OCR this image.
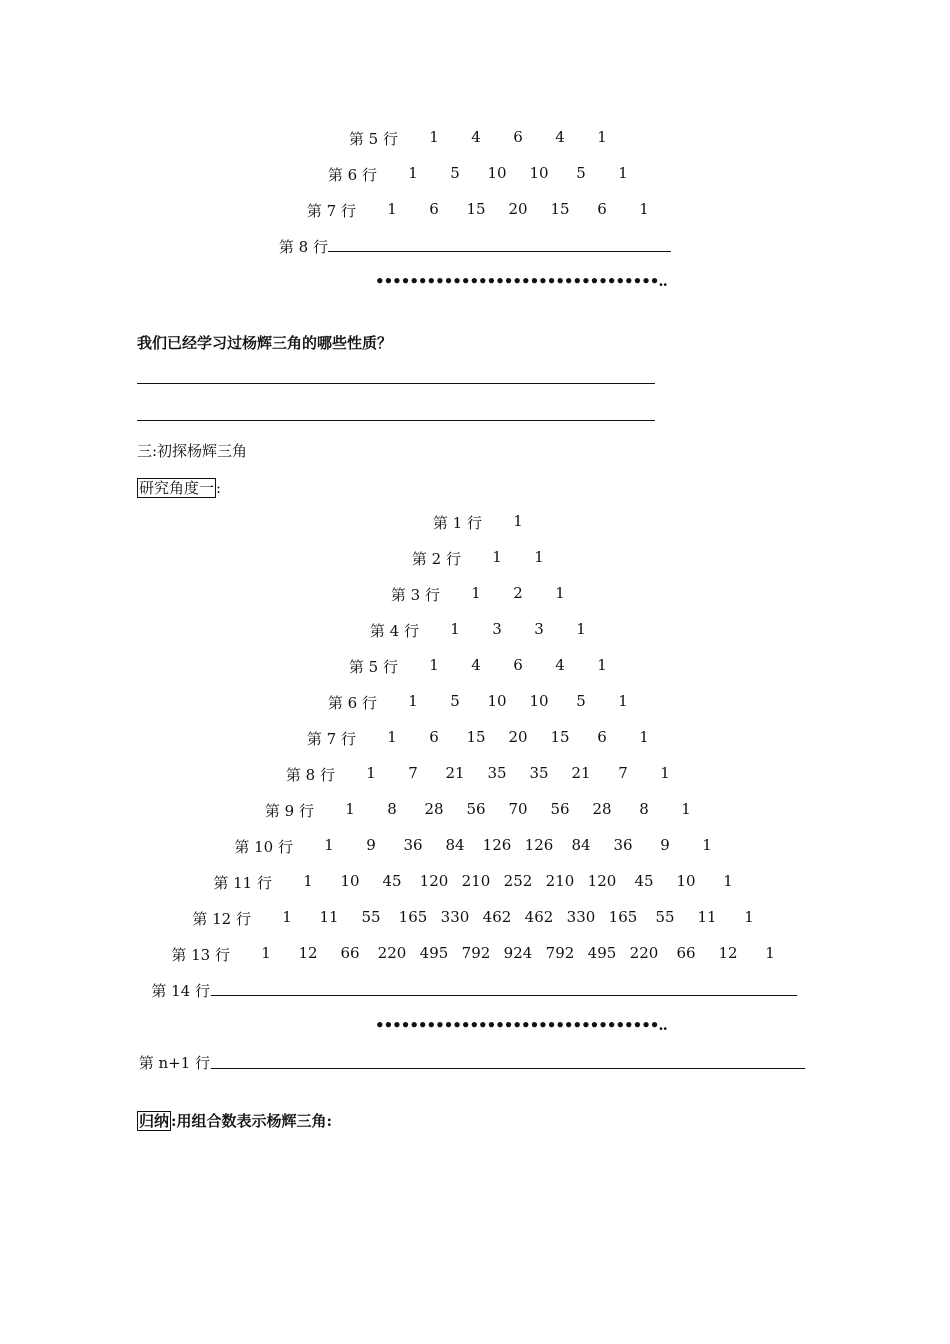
第 5 行	1	4	6	4	1
第 6 行	1	5	10	10	5	1
第 7 行	1	6	15	20	15	6	1
第 8 行
•••••••••••••••••••••••••••••••••..
我们已经学习过杨辉三角的哪些性质？
三:初探杨辉三角
研究角度一 :
第 1 行	1
第 2 行	1	1
第 3 行	1	2	1
第 4 行	1	3	3	1
第 5 行	1	4	6	4	1
第 6 行	1	5	10	10	5	1
第 7 行	1	6	15	20	15	6	1
第 8 行	1	7	21	35	35	21	7	1
第 9 行	1	8	28	56	70	56	28	8	1
第 10 行	1	9	36	84	126 126	84	36	9	1
第 11 行	1	10	45	120 210 252 210 120	45	10	1
第 12 行	1	11	55	165 330 462 462 330 165	55	11	1
第 13 行	1	12	66	220 495 792 924 792 495 220	66	12	1
第 14 行
•••••••••••••••••••••••••••••••••..
第 n+1 行
归纳 :用组合数表示杨辉三角:
